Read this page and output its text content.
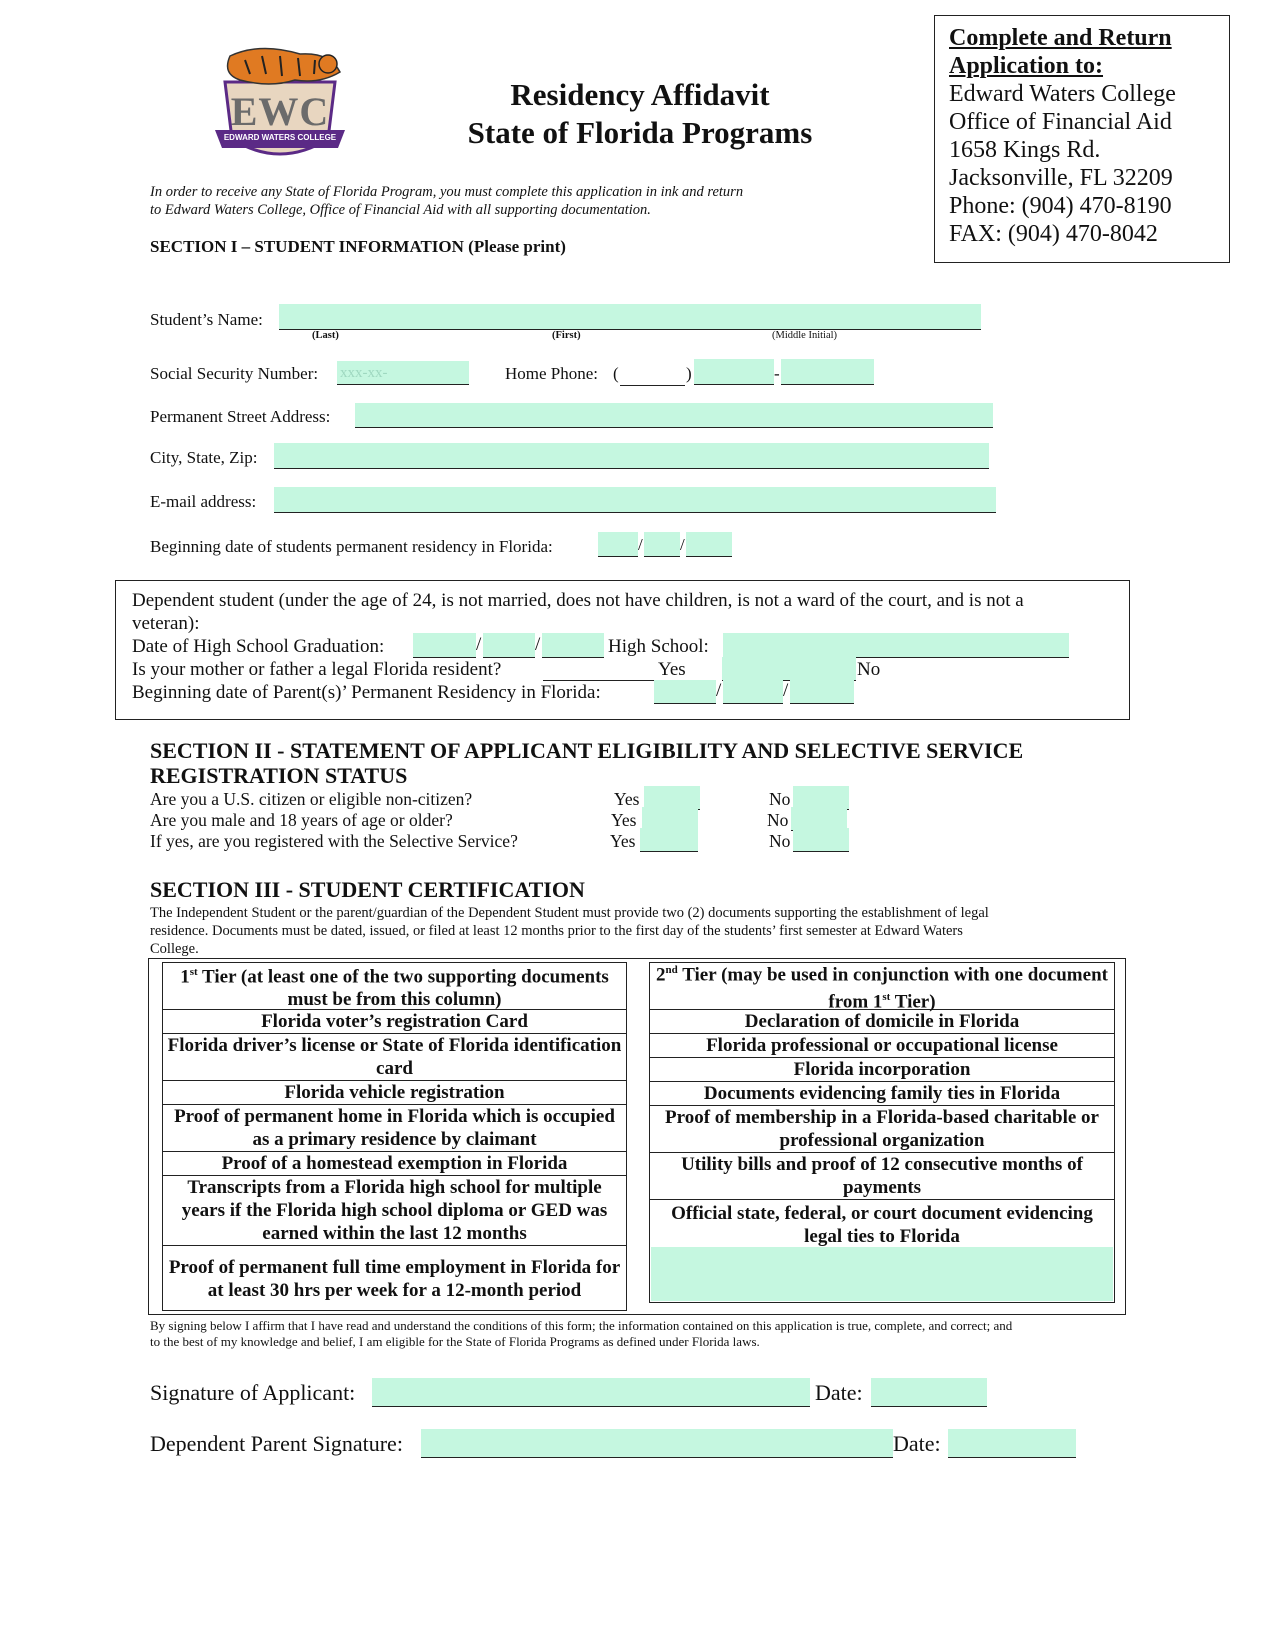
EWC
EDWARD WATERS COLLEGE
Residency Affidavit
State of Florida Programs
Complete and Return
Application to:
Edward Waters College
Office of Financial Aid
1658 Kings Rd.
Jacksonville, FL 32209
Phone: (904) 470-8190
FAX: (904) 470-8042
In order to receive any State of Florida Program, you must complete this application in ink and return
to Edward Waters College, Office of Financial Aid with all supporting documentation.
SECTION I – STUDENT INFORMATION (Please print)
Student’s Name:
(Last)	(First)	(Middle Initial)
Social Security Number: xxx-xx-	Home Phone: (	)	-
Permanent Street Address:
City, State, Zip:
E-mail address:
Beginning date of students permanent residency in Florida:	/ /
Dependent student (under the age of 24, is not married, does not have children, is not a ward of the court, and is not a
veteran):
Date of High School Graduation:	/	/	High School:
Is your mother or father a legal Florida resident?	Yes	No
Beginning date of Parent(s)’ Permanent Residency in Florida:	/	/
SECTION II - STATEMENT OF APPLICANT ELIGIBILITY AND SELECTIVE SERVICE
REGISTRATION STATUS
Are you a U.S. citizen or eligible non-citizen?	Yes	No
Are you male and 18 years of age or older?	Yes	No
If yes, are you registered with the Selective Service?	Yes	No
SECTION III - STUDENT CERTIFICATION
The Independent Student or the parent/guardian of the Dependent Student must provide two (2) documents supporting the establishment of legal
residence. Documents must be dated, issued, or filed at least 12 months prior to the first day of the students’ first semester at Edward Waters
College.
1st Tier (at least one of the two supporting documents must be from this column)
Florida voter’s registration Card
Florida driver’s license or State of Florida identification card
Florida vehicle registration
Proof of permanent home in Florida which is occupied as a primary residence by claimant
Proof of a homestead exemption in Florida
Transcripts from a Florida high school for multiple years if the Florida high school diploma or GED was earned within the last 12 months
Proof of permanent full time employment in Florida for at least 30 hrs per week for a 12-month period
2nd Tier (may be used in conjunction with one document from 1st Tier)
Declaration of domicile in Florida
Florida professional or occupational license
Florida incorporation
Documents evidencing family ties in Florida
Proof of membership in a Florida-based charitable or professional organization
Utility bills and proof of 12 consecutive months of payments
Official state, federal, or court document evidencing legal ties to Florida
By signing below I affirm that I have read and understand the conditions of this form; the information contained on this application is true, complete, and correct; and
to the best of my knowledge and belief, I am eligible for the State of Florida Programs as defined under Florida laws.
Signature of Applicant:	Date:
Dependent Parent Signature:	Date:
